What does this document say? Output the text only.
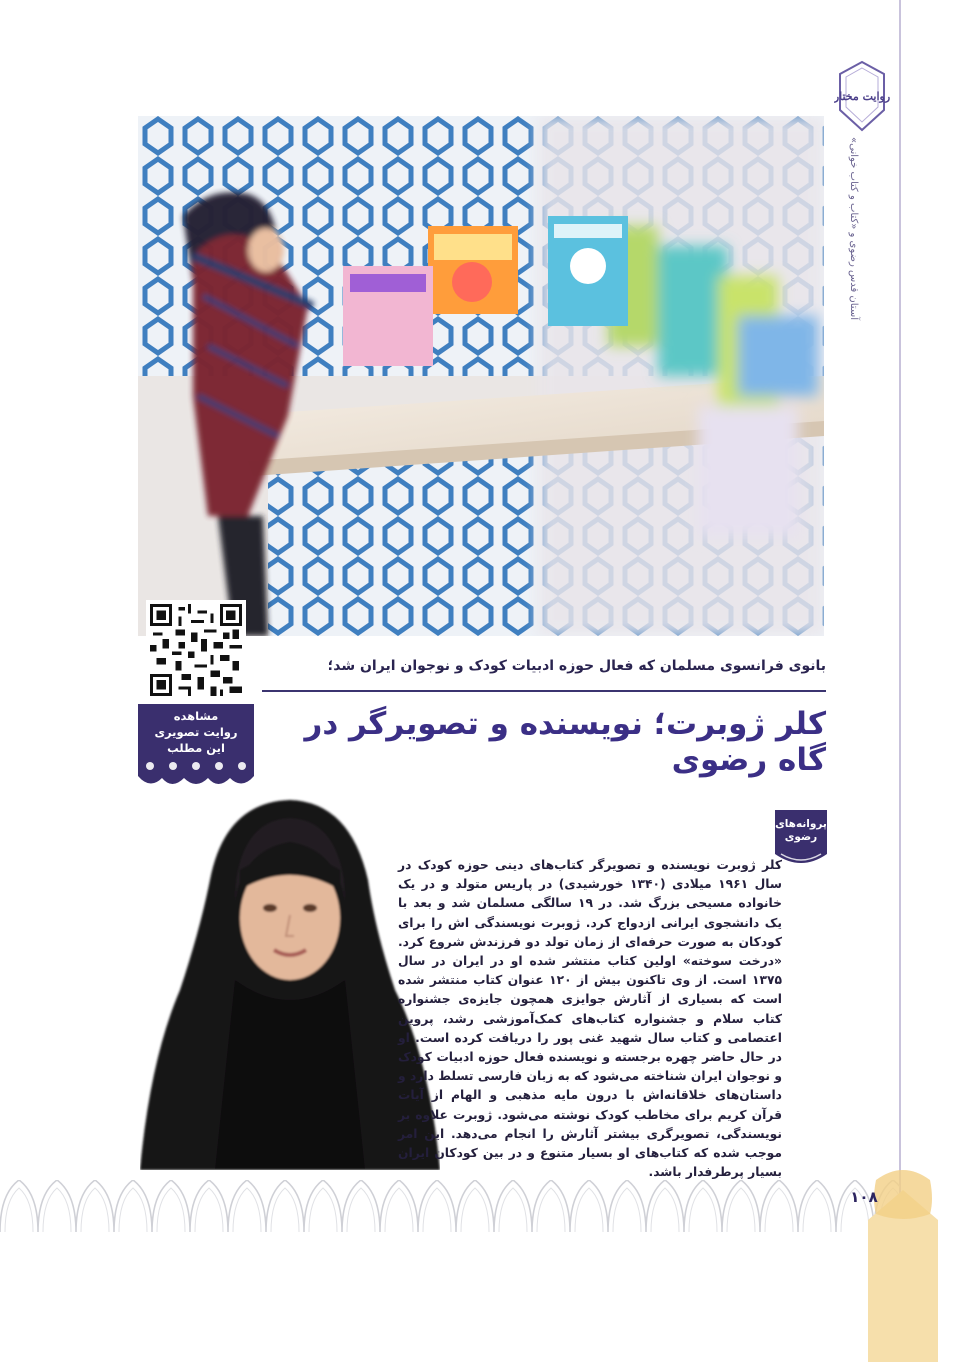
روایت مختار
آستان قدس رضوی و «کتاب و کتاب خوانی»
مشاهده
روایت تصویری
این مطلب
بانوی فرانسوی مسلمان که فعال حوزه ادبیات کودک و نوجوان ایران شد؛
کلر ژوبرت؛ نویسنده و تصویرگر در گاه رضوی
پروانه‌های
رضوی
کلر ژوبرت نویسنده و تصویرگر کتاب‌های دینی حوزه کودک در سال ۱۹۶۱ میلادی (۱۳۴۰ خورشیدی) در پاریس متولد و در یک خانواده مسیحی بزرگ شد. در ۱۹ سالگی مسلمان شد و بعد با یک دانشجوی ایرانی ازدواج کرد. ژوبرت نویسندگی اش را برای کودکان به صورت حرفه‌ای از زمان تولد دو فرزندش شروع کرد. «درخت سوخته» اولین کتاب منتشر شده او در ایران در سال ۱۳۷۵ است. از وی تاکنون بیش از ۱۲۰ عنوان کتاب منتشر شده است که بسیاری از آثارش جوایزی همچون جایزه‌ی جشنواره کتاب سلام و جشنواره کتاب‌های کمک‌آموزشی رشد، پروین اعتصامی و کتاب سال شهید غنی پور را دریافت کرده است. او در حال حاضر چهره برجسته و نویسنده فعال حوزه ادبیات کودک و نوجوان ایران شناخته می‌شود که به زبان فارسی تسلط دارد و داستان‌های خلاقانه‌اش با درون مایه مذهبی و الهام از آیات قرآن کریم برای مخاطب کودک نوشته می‌شود. ژوبرت علاوه بر نویسندگی، تصویرگری بیشتر آثارش را انجام می‌دهد. این امر موجب شده که کتاب‌های او بسیار متنوع و در بین کودکان ایران بسیار پرطرفدار باشد.
۱۰۸
